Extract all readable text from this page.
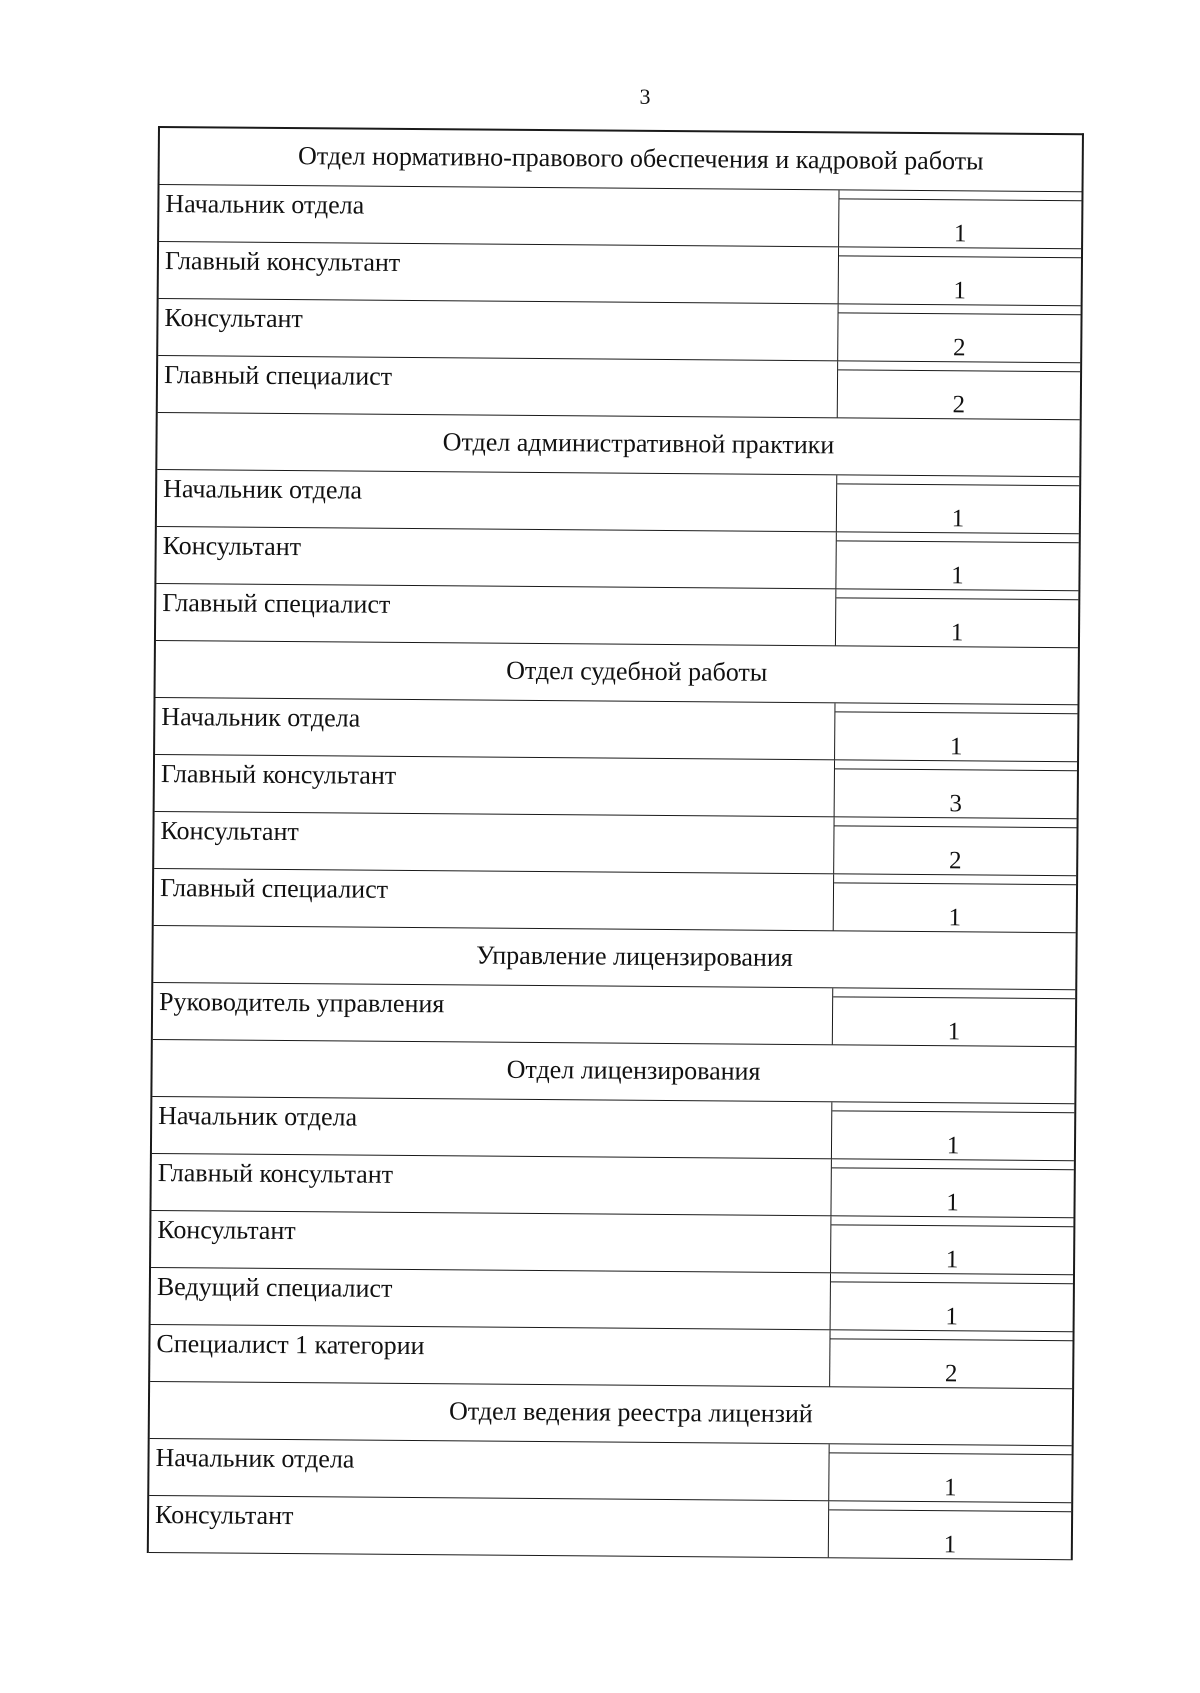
3
Отдел нормативно-правового обеспечения и кадровой работы
Начальник отдела
1
Главный консультант
1
Консультант
2
Главный специалист
2
Отдел административной практики
Начальник отдела
1
Консультант
1
Главный специалист
1
Отдел судебной работы
Начальник отдела
1
Главный консультант
3
Консультант
2
Главный специалист
1
Управление лицензирования
Руководитель управления
1
Отдел лицензирования
Начальник отдела
1
Главный консультант
1
Консультант
1
Ведущий специалист
1
Специалист 1 категории
2
Отдел ведения реестра лицензий
Начальник отдела
1
Консультант
1
